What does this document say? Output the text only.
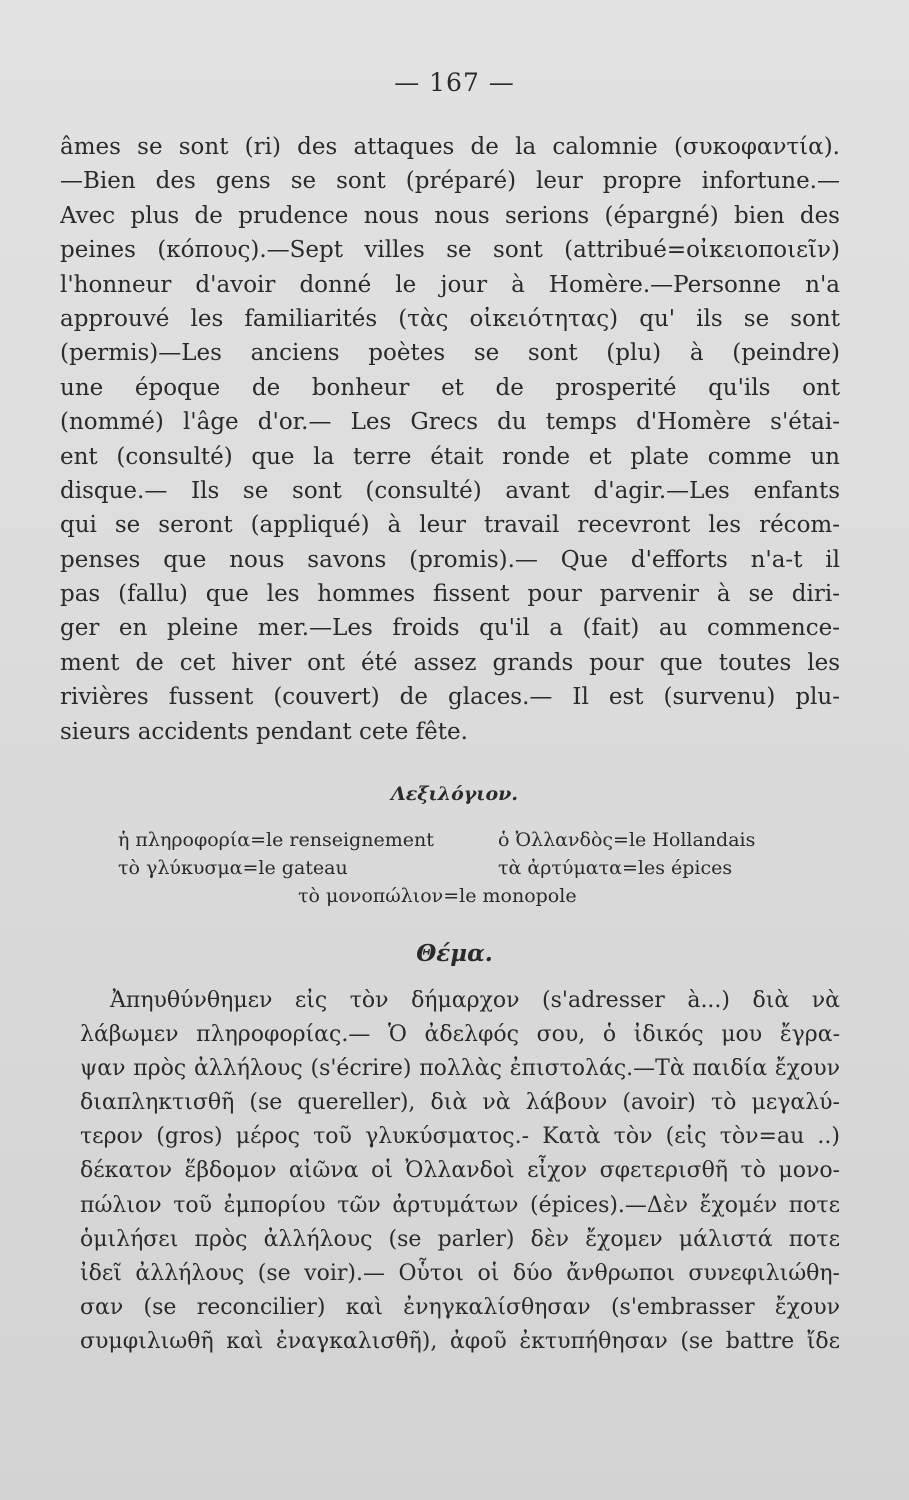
— 167 —
âmes se sont (ri) des attaques de la calomnie (συκοφαντία).
—Bien des gens se sont (préparé) leur propre infortune.—
Avec plus de prudence nous nous serions (épargné) bien des
peines (κόπους).—Sept villes se sont (attribué=οἰκειοποιεῖν)
l'honneur d'avoir donné le jour à Homère.—Personne n'a
approuvé les familiarités (τὰς οἰκειότητας) qu' ils se sont
(permis)—Les anciens poètes se sont (plu) à (peindre)
une époque de bonheur et de prosperité qu'ils ont
(nommé) l'âge d'or.— Les Grecs du temps d'Homère s'étai-
ent (consulté) que la terre était ronde et plate comme un
disque.— Ils se sont (consulté) avant d'agir.—Les enfants
qui se seront (appliqué) à leur travail recevront les récom-
penses que nous savons (promis).— Que d'efforts n'a-t il
pas (fallu) que les hommes fissent pour parvenir à se diri-
ger en pleine mer.—Les froids qu'il a (fait) au commence-
ment de cet hiver ont été assez grands pour que toutes les
rivières fussent (couvert) de glaces.— Il est (survenu) plu-
sieurs accidents pendant cete fête.
Λεξιλόγιον.
ἡ πληροφορία=le renseignement	ὁ Ὀλλανδὸς=le Hollandais
τὸ γλύκυσμα=le gateau	τὰ ἀρτύματα=les épices
τὸ μονοπώλιον=le monopole
Θέμα.
Ἀπηυθύνθημεν εἰς τὸν δήμαρχον (s'adresser à...) διὰ νὰ
λάβωμεν πληροφορίας.— Ὁ ἀδελφός σου, ὁ ἰδικός μου ἔγρα-
ψαν πρὸς ἀλλήλους (s'écrire) πολλὰς ἐπιστολάς.—Τὰ παιδία ἔχουν
διαπληκτισθῆ (se quereller), διὰ νὰ λάβουν (avoir) τὸ μεγαλύ-
τερον (gros) μέρος τοῦ γλυκύσματος.- Κατὰ τὸν (εἰς τὸν=au ..)
δέκατον ἕβδομον αἰῶνα οἱ Ὀλλανδοὶ εἶχον σφετερισθῆ τὸ μονο-
πώλιον τοῦ ἐμπορίου τῶν ἀρτυμάτων (épices).—Δὲν ἔχομέν ποτε
ὁμιλήσει πρὸς ἀλλήλους (se parler) δὲν ἔχομεν μάλιστά ποτε
ἰδεῖ ἀλλήλους (se voir).— Οὗτοι οἱ δύο ἄνθρωποι συνεφιλιώθη-
σαν (se reconcilier) καὶ ἐνηγκαλίσθησαν (s'embrasser ἔχουν
συμφιλιωθῆ καὶ ἐναγκαλισθῆ), ἀφοῦ ἐκτυπήθησαν (se battre ἴδε
